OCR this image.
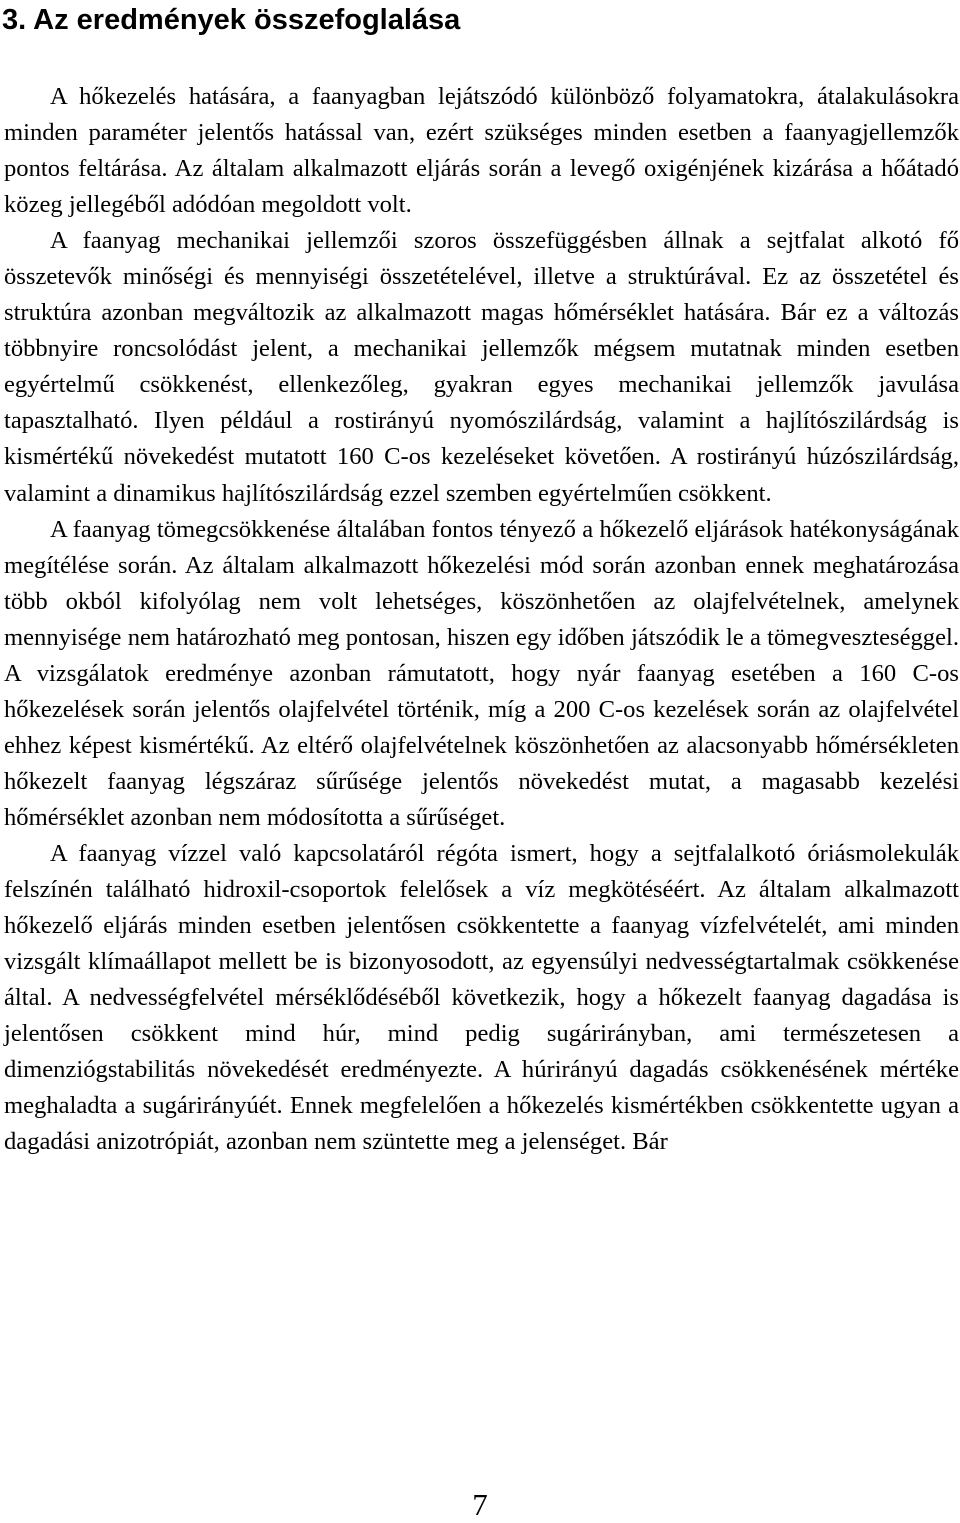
3. Az eredmények összefoglalása

A hőkezelés hatására, a faanyagban lejátszódó különböző folyamatokra, átalakulásokra minden paraméter jelentős hatással van, ezért szükséges minden esetben a faanyagjellemzők pontos feltárása. Az általam alkalmazott eljárás során a levegő oxigénjének kizárása a hőátadó közeg jellegéből adódóan megoldott volt.

A faanyag mechanikai jellemzői szoros összefüggésben állnak a sejtfalat alkotó fő összetevők minőségi és mennyiségi összetételével, illetve a struktúrával. Ez az összetétel és struktúra azonban megváltozik az alkalmazott magas hőmérséklet hatására. Bár ez a változás többnyire roncsolódást jelent, a mechanikai jellemzők mégsem mutatnak minden esetben egyértelmű csökkenést, ellenkezőleg, gyakran egyes mechanikai jellemzők javulása tapasztalható. Ilyen például a rostirányú nyomószilárdság, valamint a hajlítószilárdság is kismértékű növekedést mutatott 160 C-os kezeléseket követően. A rostirányú húzószilárdság, valamint a dinamikus hajlítószilárdság ezzel szemben egyértelműen csökkent.

A faanyag tömegcsökkenése általában fontos tényező a hőkezelő eljárások hatékonyságának megítélése során. Az általam alkalmazott hőkezelési mód során azonban ennek meghatározása több okból kifolyólag nem volt lehetséges, köszönhetően az olajfelvételnek, amelynek mennyisége nem határozható meg pontosan, hiszen egy időben játszódik le a tömegveszteséggel. A vizsgálatok eredménye azonban rámutatott, hogy nyár faanyag esetében a 160 C-os hőkezelések során jelentős olajfelvétel történik, míg a 200 C-os kezelések során az olajfelvétel ehhez képest kismértékű. Az eltérő olajfelvételnek köszönhetően az alacsonyabb hőmérsékleten hőkezelt faanyag légszáraz sűrűsége jelentős növekedést mutat, a magasabb kezelési hőmérséklet azonban nem módosította a sűrűséget.

A faanyag vízzel való kapcsolatáról régóta ismert, hogy a sejtfalalkotó óriásmolekulák felszínén található hidroxil-csoportok felelősek a víz megkötéséért. Az általam alkalmazott hőkezelő eljárás minden esetben jelentősen csökkentette a faanyag vízfelvételét, ami minden vizsgált klímaállapot mellett be is bizonyosodott, az egyensúlyi nedvességtartalmak csökkenése által. A nedvességfelvétel mérséklődéséből következik, hogy a hőkezelt faanyag dagadása is jelentősen csökkent mind húr, mind pedig sugárirányban, ami természetesen a dimenziógstabilitás növekedését eredményezte. A húrirányú dagadás csökkenésének mértéke meghaladta a sugárirányúét. Ennek megfelelően a hőkezelés kismértékben csökkentette ugyan a dagadási anizotrópiát, azonban nem szüntette meg a jelenséget. Bár

7
